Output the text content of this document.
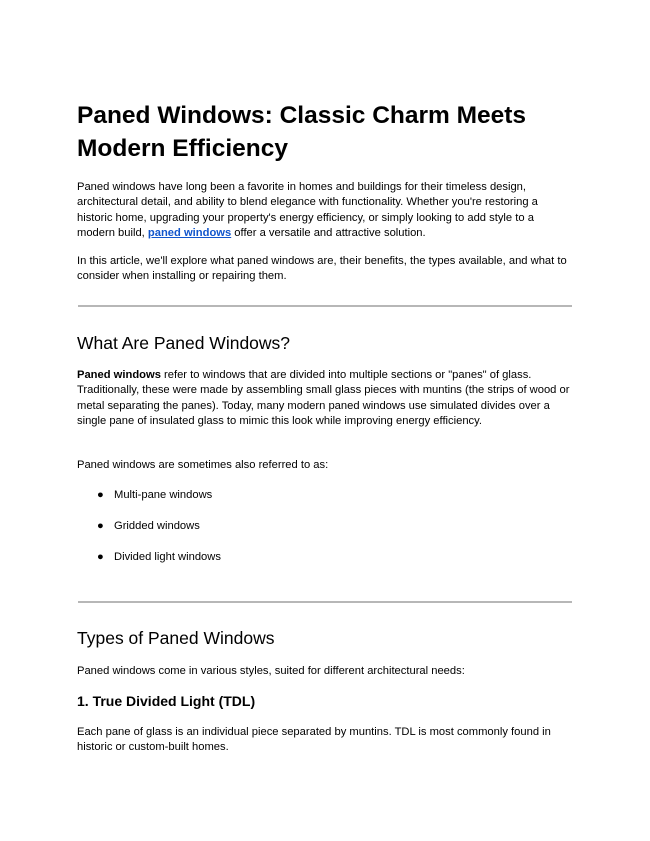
Paned Windows: Classic Charm Meets Modern Efficiency

Paned windows have long been a favorite in homes and buildings for their timeless design, architectural detail, and ability to blend elegance with functionality. Whether you're restoring a historic home, upgrading your property's energy efficiency, or simply looking to add style to a modern build, paned windows offer a versatile and attractive solution.

In this article, we'll explore what paned windows are, their benefits, the types available, and what to consider when installing or repairing them.

What Are Paned Windows?

Paned windows refer to windows that are divided into multiple sections or "panes" of glass. Traditionally, these were made by assembling small glass pieces with muntins (the strips of wood or metal separating the panes). Today, many modern paned windows use simulated divides over a single pane of insulated glass to mimic this look while improving energy efficiency.

Paned windows are sometimes also referred to as:

● Multi-pane windows
● Gridded windows
● Divided light windows
Types of Paned Windows

Paned windows come in various styles, suited for different architectural needs:

1. True Divided Light (TDL)

Each pane of glass is an individual piece separated by muntins. TDL is most commonly found in historic or custom-built homes.
